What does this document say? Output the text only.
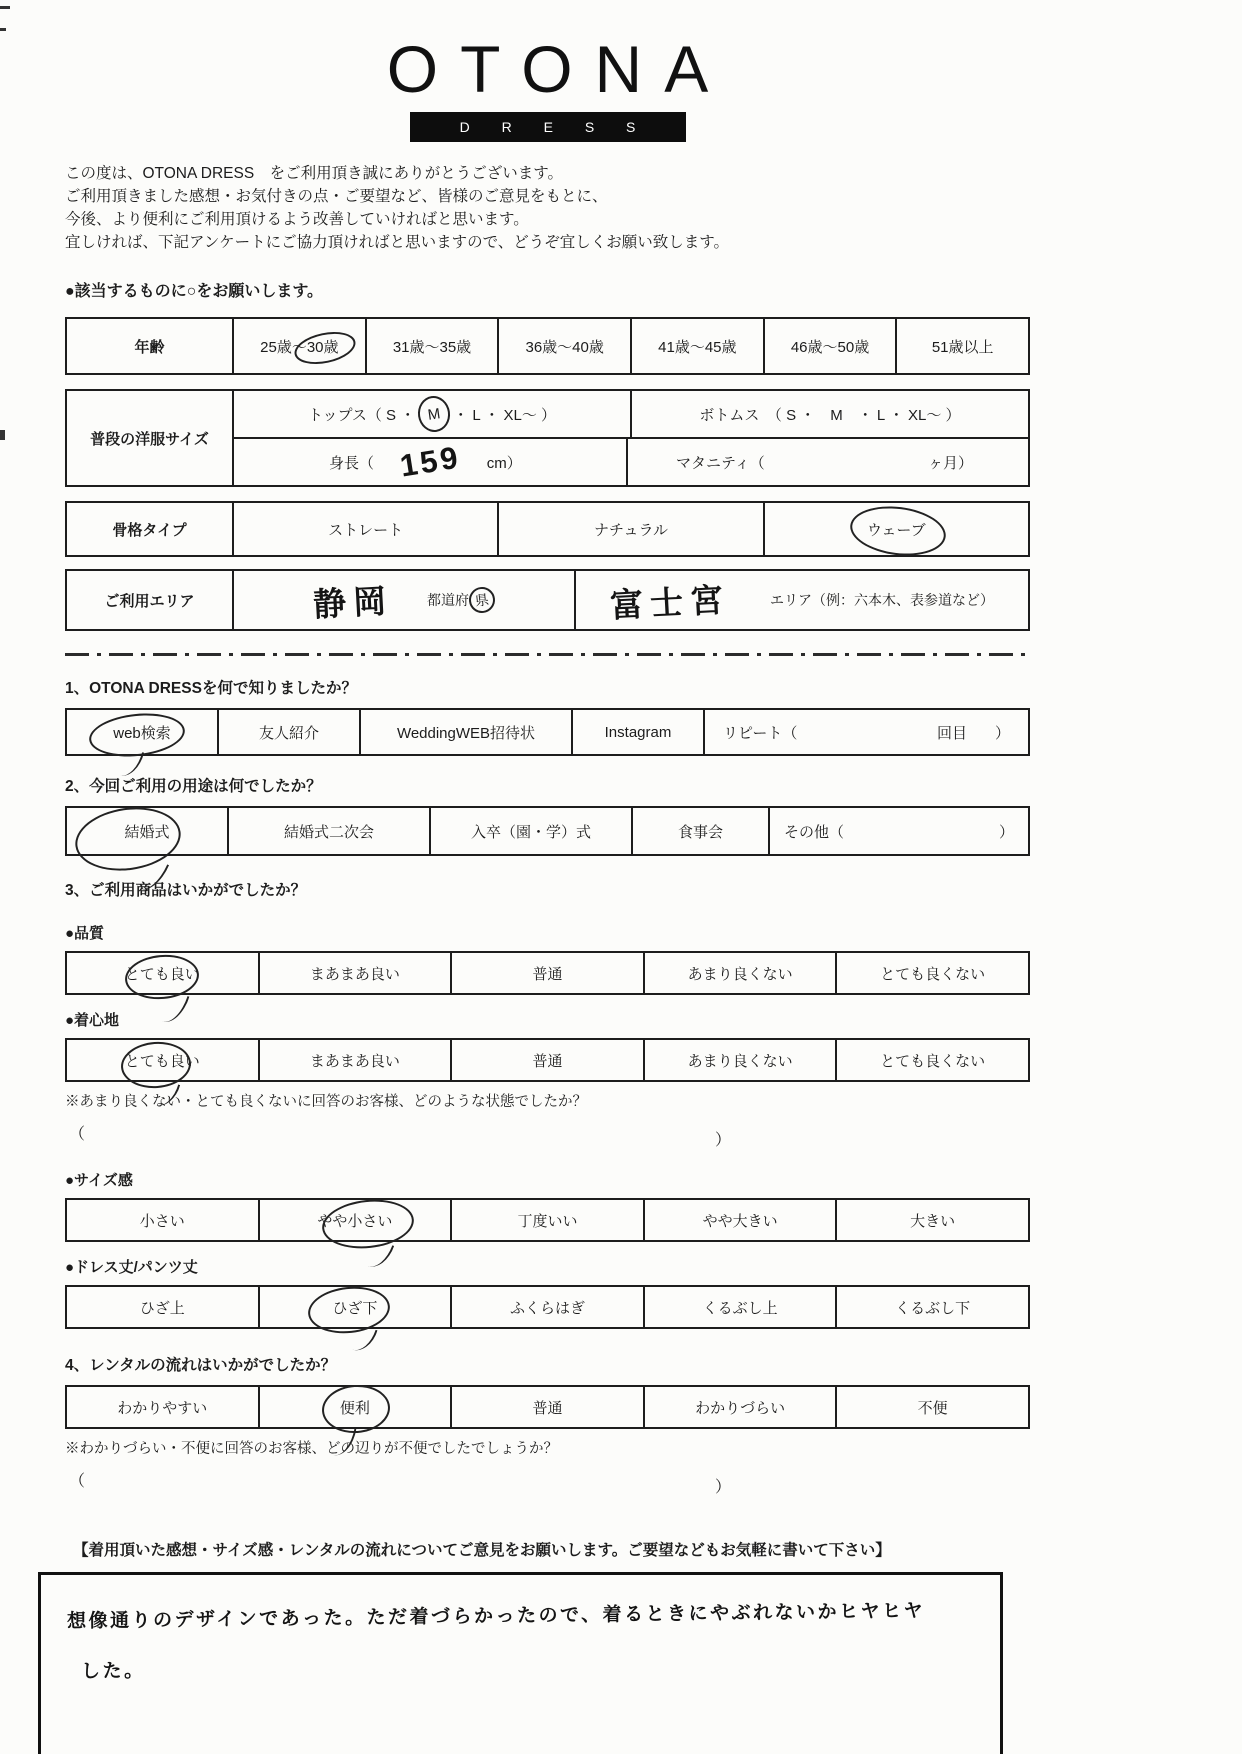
OTONA
D R E S S
この度は、OTONA DRESS　をご利用頂き誠にありがとうございます。
ご利用頂きました感想・お気付きの点・ご要望など、皆様のご意見をもとに、
今後、より便利にご利用頂けるよう改善していければと思います。
宜しければ、下記アンケートにご協力頂ければと思いますので、どうぞ宜しくお願い致します。
●該当するものに○をお願いします。
年齢	25歳～30歳	31歳～35歳	36歳～40歳	41歳～45歳	46歳～50歳	51歳以上
普段の洋服サイズ
トップス（ S ・ M ・ L ・ XL～ ）	ボトムス　（ S ・　M　・ L ・ XL～ ）
身長（ 159 cm）	マタニティ（	ヶ月）
骨格タイプ	ストレート	ナチュラル	ウェーブ
ご利用エリア	静岡 都道府 県	富士宮	エリア（例：六本木、表参道など）
1、OTONA DRESSを何で知りましたか？
web検索	友人紹介	WeddingWEB招待状	Instagram	リピート（	回目 ）
2、今回ご利用の用途は何でしたか？
結婚式	結婚式二次会	入卒（園・学）式	食事会	その他（	）
3、ご利用商品はいかがでしたか？
●品質
とても良い	まあまあ良い	普通	あまり良くない	とても良くない
●着心地
とても良い	まあまあ良い	普通	あまり良くない	とても良くない
※あまり良くない・とても良くないに回答のお客様、どのような状態でしたか？
（	）
●サイズ感
小さい	やや小さい	丁度いい	やや大きい	大きい
●ドレス丈/パンツ丈
ひざ上	ひざ下	ふくらはぎ	くるぶし上	くるぶし下
4、レンタルの流れはいかがでしたか？
わかりやすい	便利	普通	わかりづらい	不便
※わかりづらい・不便に回答のお客様、どの辺りが不便でしたでしょうか？
（	）
【着用頂いた感想・サイズ感・レンタルの流れについてご意見をお願いします。ご要望などもお気軽に書いて下さい】
想像通りのデザインであった。ただ着づらかったので、着るときにやぶれないかヒヤヒヤ
した。
